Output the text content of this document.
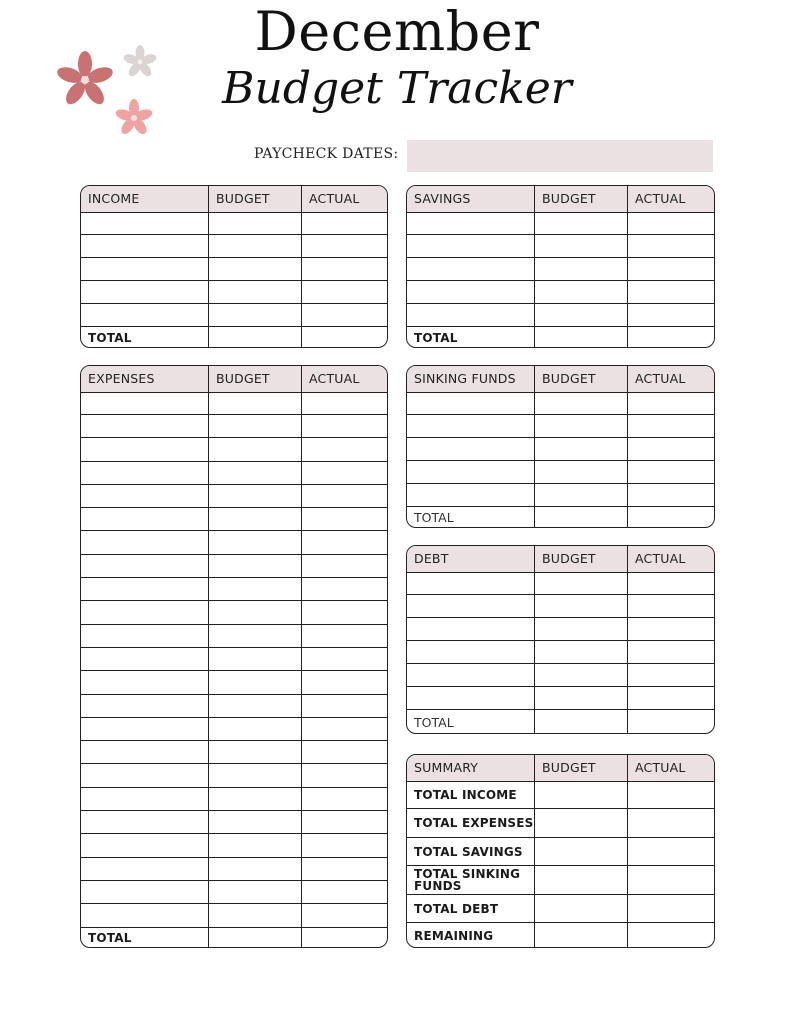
December
Budget Tracker
PAYCHECK DATES:
INCOME	BUDGET	ACTUAL
TOTAL
SAVINGS	BUDGET	ACTUAL
TOTAL
EXPENSES	BUDGET	ACTUAL
TOTAL
SINKING FUNDS	BUDGET	ACTUAL
TOTAL
DEBT	BUDGET	ACTUAL
TOTAL
SUMMARY	BUDGET	ACTUAL
TOTAL INCOME
TOTAL EXPENSES
TOTAL SAVINGS
TOTAL SINKING FUNDS
TOTAL DEBT
REMAINING
